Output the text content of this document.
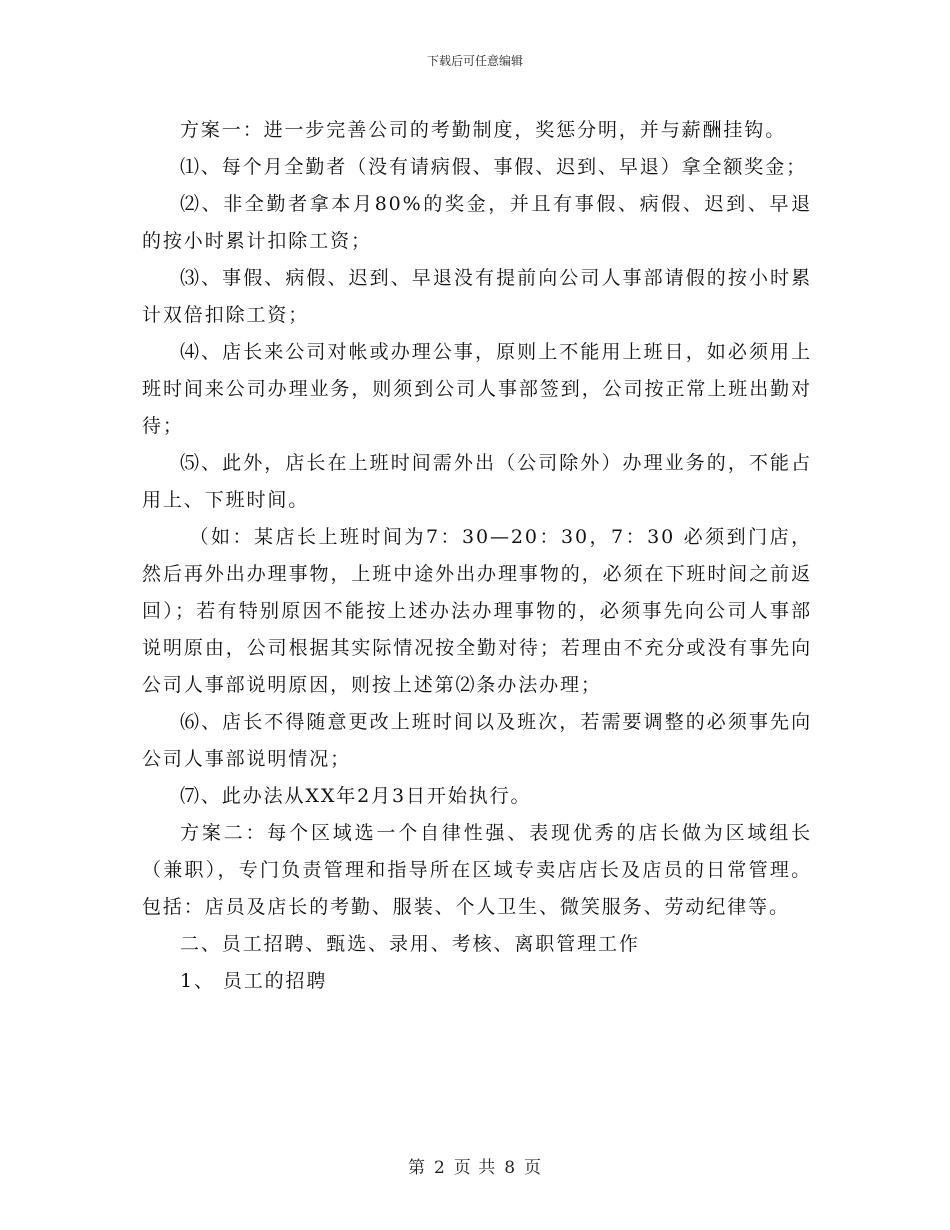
下载后可任意编辑

方案一：进一步完善公司的考勤制度，奖惩分明，并与薪酬挂钩。

⑴、每个月全勤者（没有请病假、事假、迟到、早退）拿全额奖金；

⑵、非全勤者拿本月80%的奖金，并且有事假、病假、迟到、早退的按小时累计扣除工资；

⑶、事假、病假、迟到、早退没有提前向公司人事部请假的按小时累计双倍扣除工资；

⑷、店长来公司对帐或办理公事，原则上不能用上班日，如必须用上班时间来公司办理业务，则须到公司人事部签到，公司按正常上班出勤对待；

⑸、此外，店长在上班时间需外出（公司除外）办理业务的，不能占用上、下班时间。

（如：某店长上班时间为7：30—20：30，7：30 必须到门店，然后再外出办理事物，上班中途外出办理事物的，必须在下班时间之前返回）；若有特别原因不能按上述办法办理事物的，必须事先向公司人事部说明原由，公司根据其实际情况按全勤对待；若理由不充分或没有事先向公司人事部说明原因，则按上述第⑵条办法办理；

⑹、店长不得随意更改上班时间以及班次，若需要调整的必须事先向公司人事部说明情况；

⑺、此办法从XX年2月3日开始执行。

方案二：每个区域选一个自律性强、表现优秀的店长做为区域组长（兼职），专门负责管理和指导所在区域专卖店店长及店员的日常管理。包括：店员及店长的考勤、服装、个人卫生、微笑服务、劳动纪律等。

二、员工招聘、甄选、录用、考核、离职管理工作

1、 员工的招聘

第 2 页 共 8 页
